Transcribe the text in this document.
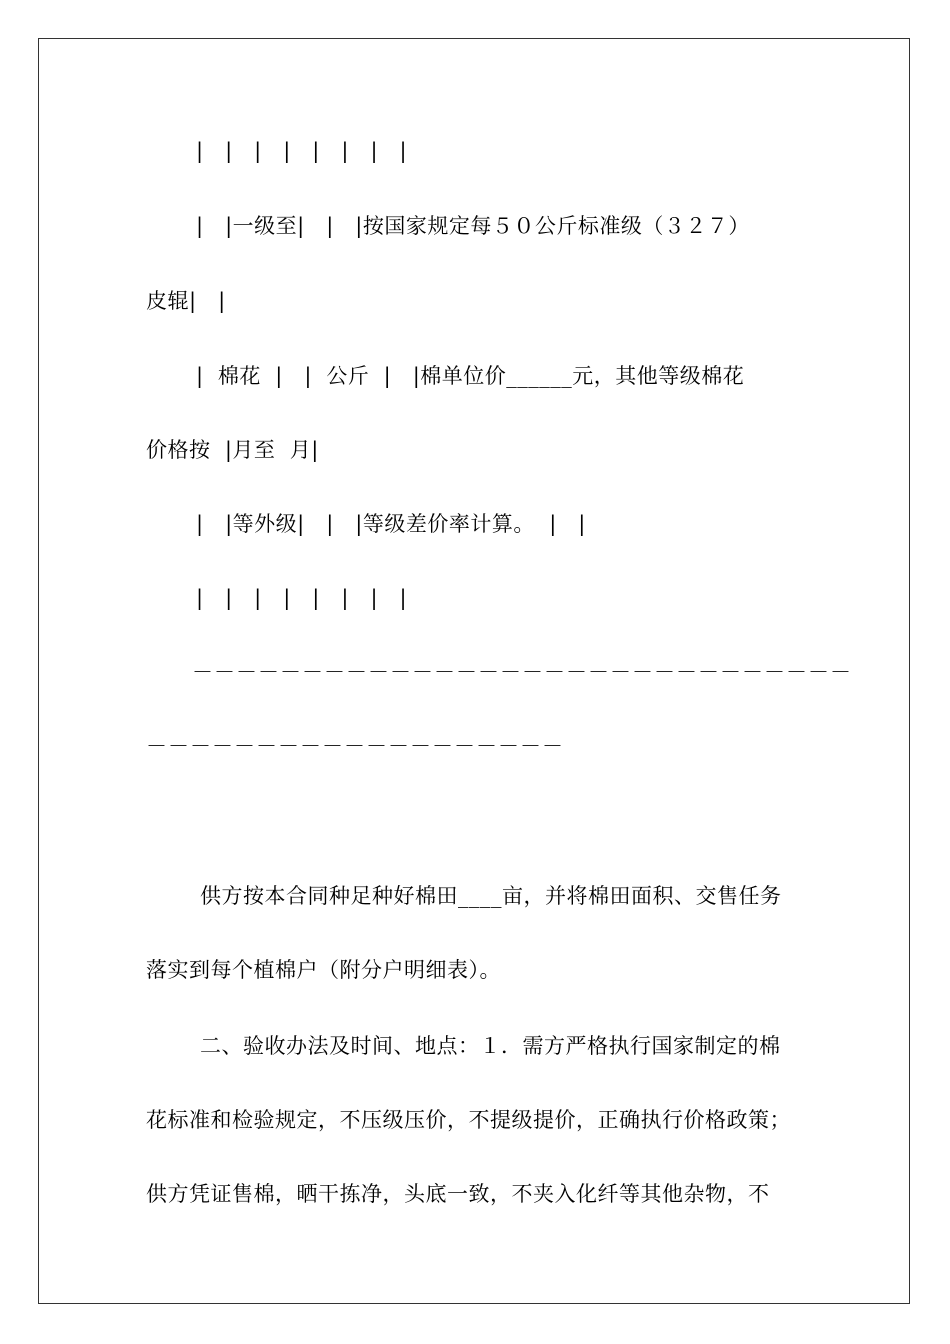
|　|　|　|　|　|　|　|
|　|一级至|　|　|按国家规定每５０公斤标准级（３２７）
皮辊|　|
|  棉花  |　|  公斤  |　|棉单位价______元，其他等级棉花
价格按  |月至  月|
|　|等外级|　|　|等级差价率计算。  |　|
|　|　|　|　|　|　|　|
－－－－－－－－－－－－－－－－－－－－－－－－－－－－－－
－－－－－－－－－－－－－－－－－－－
供方按本合同种足种好棉田____亩，并将棉田面积、交售任务
落实到每个植棉户（附分户明细表）。
二、验收办法及时间、地点：１．需方严格执行国家制定的棉
花标准和检验规定，不压级压价，不提级提价，正确执行价格政策；
供方凭证售棉，晒干拣净，头底一致，不夹入化纤等其他杂物，不
